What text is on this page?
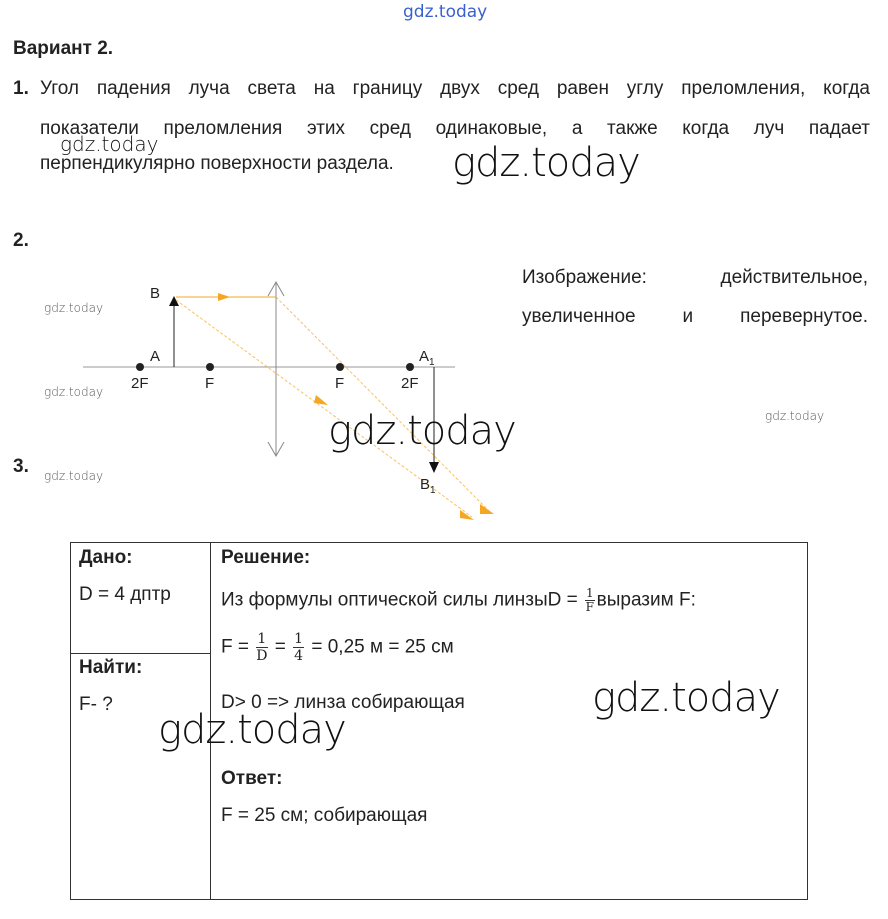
gdz.today
Вариант 2.
1. Угол падения луча света на границу двух сред равен углу преломления, когда
показатели преломления этих сред одинаковые, а также когда луч падает
перпендикулярно поверхности раздела.
gdz.today	gdz.today
2.
B
A	$A_1$
$B_1$
2F	F	F	2F
Изображение: действительное,
увеличенное и перевернутое.
gdz.today
gdz.today
gdz.today
gdz.today
gdz.today
3.
Дано:
D = 4 дптр
Найти:
F- ?
Решение:
Из формулы оптической силы линзыD = $\frac{1}{F}$ выразим F:
$F = \frac{1}{D} = \frac{1}{4} = 0,25$ м = 25 см
D> 0 => линза собирающая
Ответ:
F = 25 см; собирающая
gdz.today
gdz.today
